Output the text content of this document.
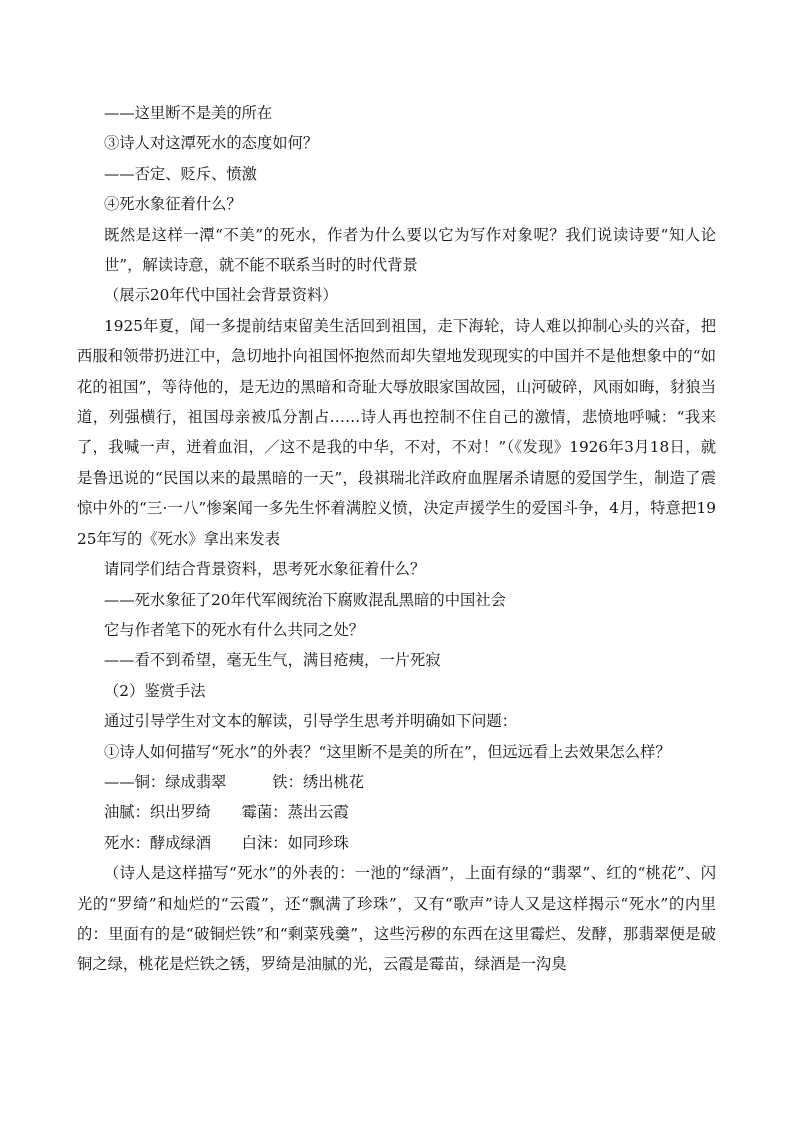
——这里断不是美的所在

③诗人对这潭死水的态度如何？

——否定、贬斥、愤激

④死水象征着什么？

既然是这样一潭“不美”的死水，作者为什么要以它为写作对象呢？我们说读诗要“知人论世”，解读诗意，就不能不联系当时的时代背景

（展示20年代中国社会背景资料）

1925年夏，闻一多提前结束留美生活回到祖国，走下海轮，诗人难以抑制心头的兴奋，把西服和领带扔进江中，急切地扑向祖国怀抱然而却失望地发现现实的中国并不是他想象中的“如花的祖国”，等待他的，是无边的黑暗和奇耻大辱放眼家国故园，山河破碎，风雨如晦，豺狼当道，列强横行，祖国母亲被瓜分割占……诗人再也控制不住自己的激情，悲愤地呼喊：“我来了，我喊一声，迸着血泪，／这不是我的中华，不对，不对！”（《发现》1926年3月18日，就是鲁迅说的“民国以来的最黑暗的一天”，段祺瑞北洋政府血腥屠杀请愿的爱国学生，制造了震惊中外的“三·一八”惨案闻一多先生怀着满腔义愤，决定声援学生的爱国斗争，4月，特意把1925年写的《死水》拿出来发表

请同学们结合背景资料，思考死水象征着什么？

——死水象征了20年代军阀统治下腐败混乱黑暗的中国社会

它与作者笔下的死水有什么共同之处？

——看不到希望，毫无生气，满目疮痍，一片死寂

（2）鉴赏手法

通过引导学生对文本的解读，引导学生思考并明确如下问题：

①诗人如何描写“死水”的外表？“这里断不是美的所在”，但远远看上去效果怎么样？

——铜：绿成翡翠　　　铁：绣出桃花

油腻：织出罗绮　　霉菌：蒸出云霞

死水：酵成绿酒　　白沫：如同珍珠

（诗人是这样描写“死水”的外表的：一池的“绿酒”，上面有绿的“翡翠”、红的“桃花”、闪光的“罗绮”和灿烂的“云霞”，还“飘满了珍珠”，又有“歌声”诗人又是这样揭示“死水”的内里的：里面有的是“破铜烂铁”和“剩菜残羹”，这些污秽的东西在这里霉烂、发酵，那翡翠便是破铜之绿，桃花是烂铁之锈，罗绮是油腻的光，云霞是霉苗，绿酒是一沟臭
